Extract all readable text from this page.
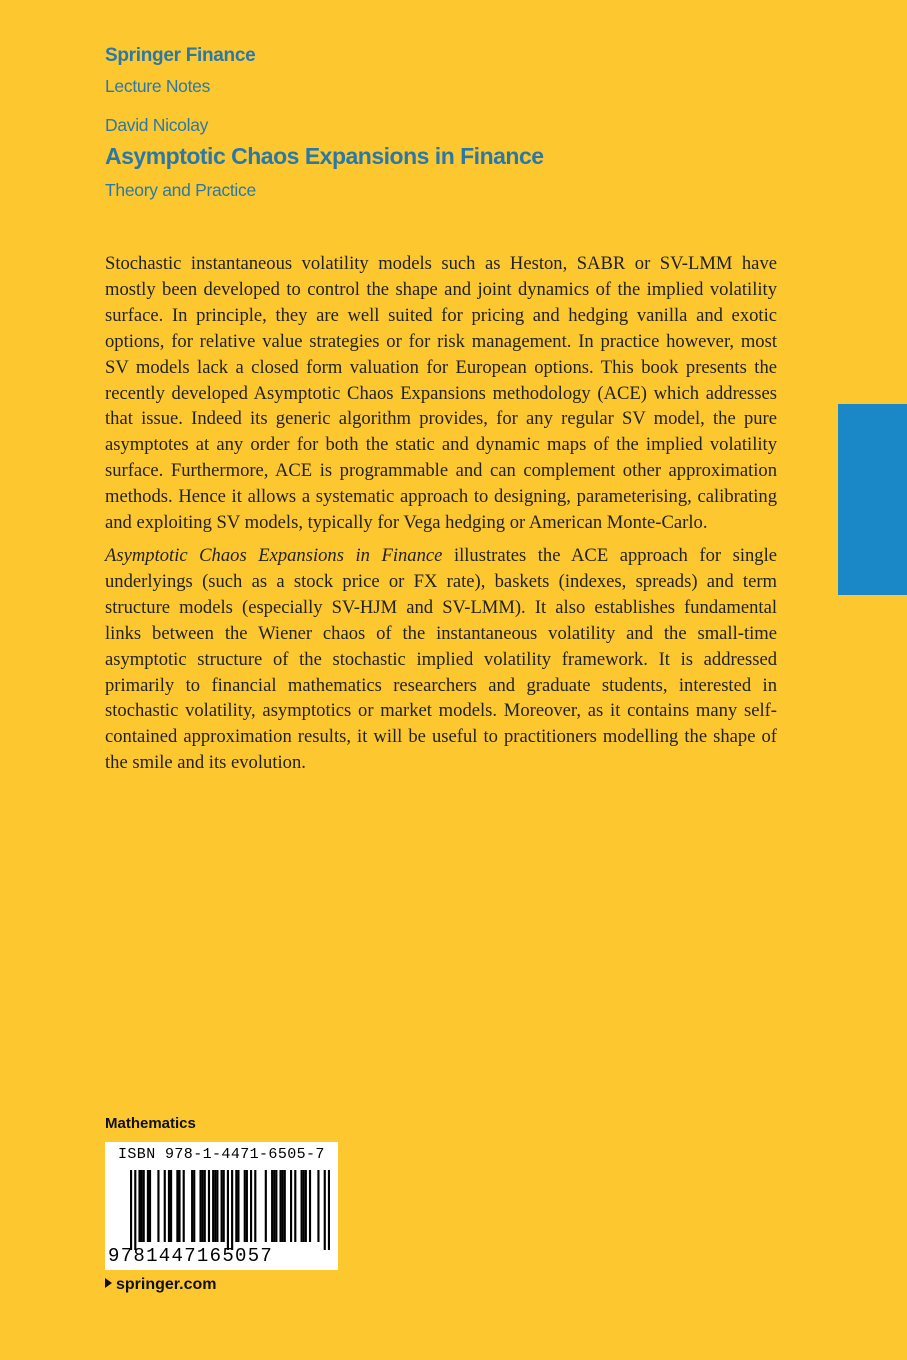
Springer Finance
Lecture Notes
David Nicolay
Asymptotic Chaos Expansions in Finance
Theory and Practice

Stochastic instantaneous volatility models such as Heston, SABR or SV-LMM have mostly been developed to control the shape and joint dynamics of the implied volatility surface. In principle, they are well suited for pricing and hedging vanilla and exotic options, for relative value strategies or for risk management. In practice however, most SV models lack a closed form valuation for European options. This book presents the recently developed Asymptotic Chaos Expansions methodology (ACE) which addresses that issue. Indeed its generic algorithm provides, for any regular SV model, the pure asymptotes at any order for both the static and dynamic maps of the implied volatility surface. Furthermore, ACE is programmable and can complement other approximation methods. Hence it allows a systematic approach to designing, parameterising, calibrating and exploiting SV models, typically for Vega hedging or American Monte-Carlo.

Asymptotic Chaos Expansions in Finance illustrates the ACE approach for single underlyings (such as a stock price or FX rate), baskets (indexes, spreads) and term structure models (especially SV-HJM and SV-LMM). It also establishes fundamental links between the Wiener chaos of the instantaneous volatility and the small-time asymptotic structure of the stochastic implied volatility framework. It is addressed primarily to financial mathematics researchers and graduate students, interested in stochastic volatility, asymptotics or market models. Moreover, as it contains many self-contained approximation results, it will be useful to practitioners modelling the shape of the smile and its evolution.

Mathematics
ISBN 978-1-4471-6505-7
9781447165057
springer.com
